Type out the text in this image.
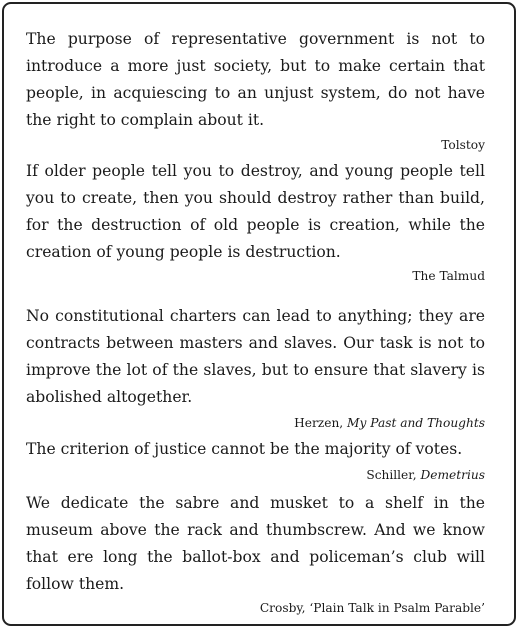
The purpose of representative government is not to introduce a more just society, but to make certain that people, in acquiescing to an unjust system, do not have the right to complain about it.

Tolstoy

If older people tell you to destroy, and young people tell you to create, then you should destroy rather than build, for the destruction of old people is creation, while the creation of young people is destruction.

The Talmud

No constitutional charters can lead to anything; they are contracts between masters and slaves. Our task is not to improve the lot of the slaves, but to ensure that slavery is abolished altogether.

Herzen, My Past and Thoughts

The criterion of justice cannot be the majority of votes.

Schiller, Demetrius

We dedicate the sabre and musket to a shelf in the museum above the rack and thumbscrew. And we know that ere long the ballot-box and policeman’s club will follow them.

Crosby, ‘Plain Talk in Psalm Parable’
